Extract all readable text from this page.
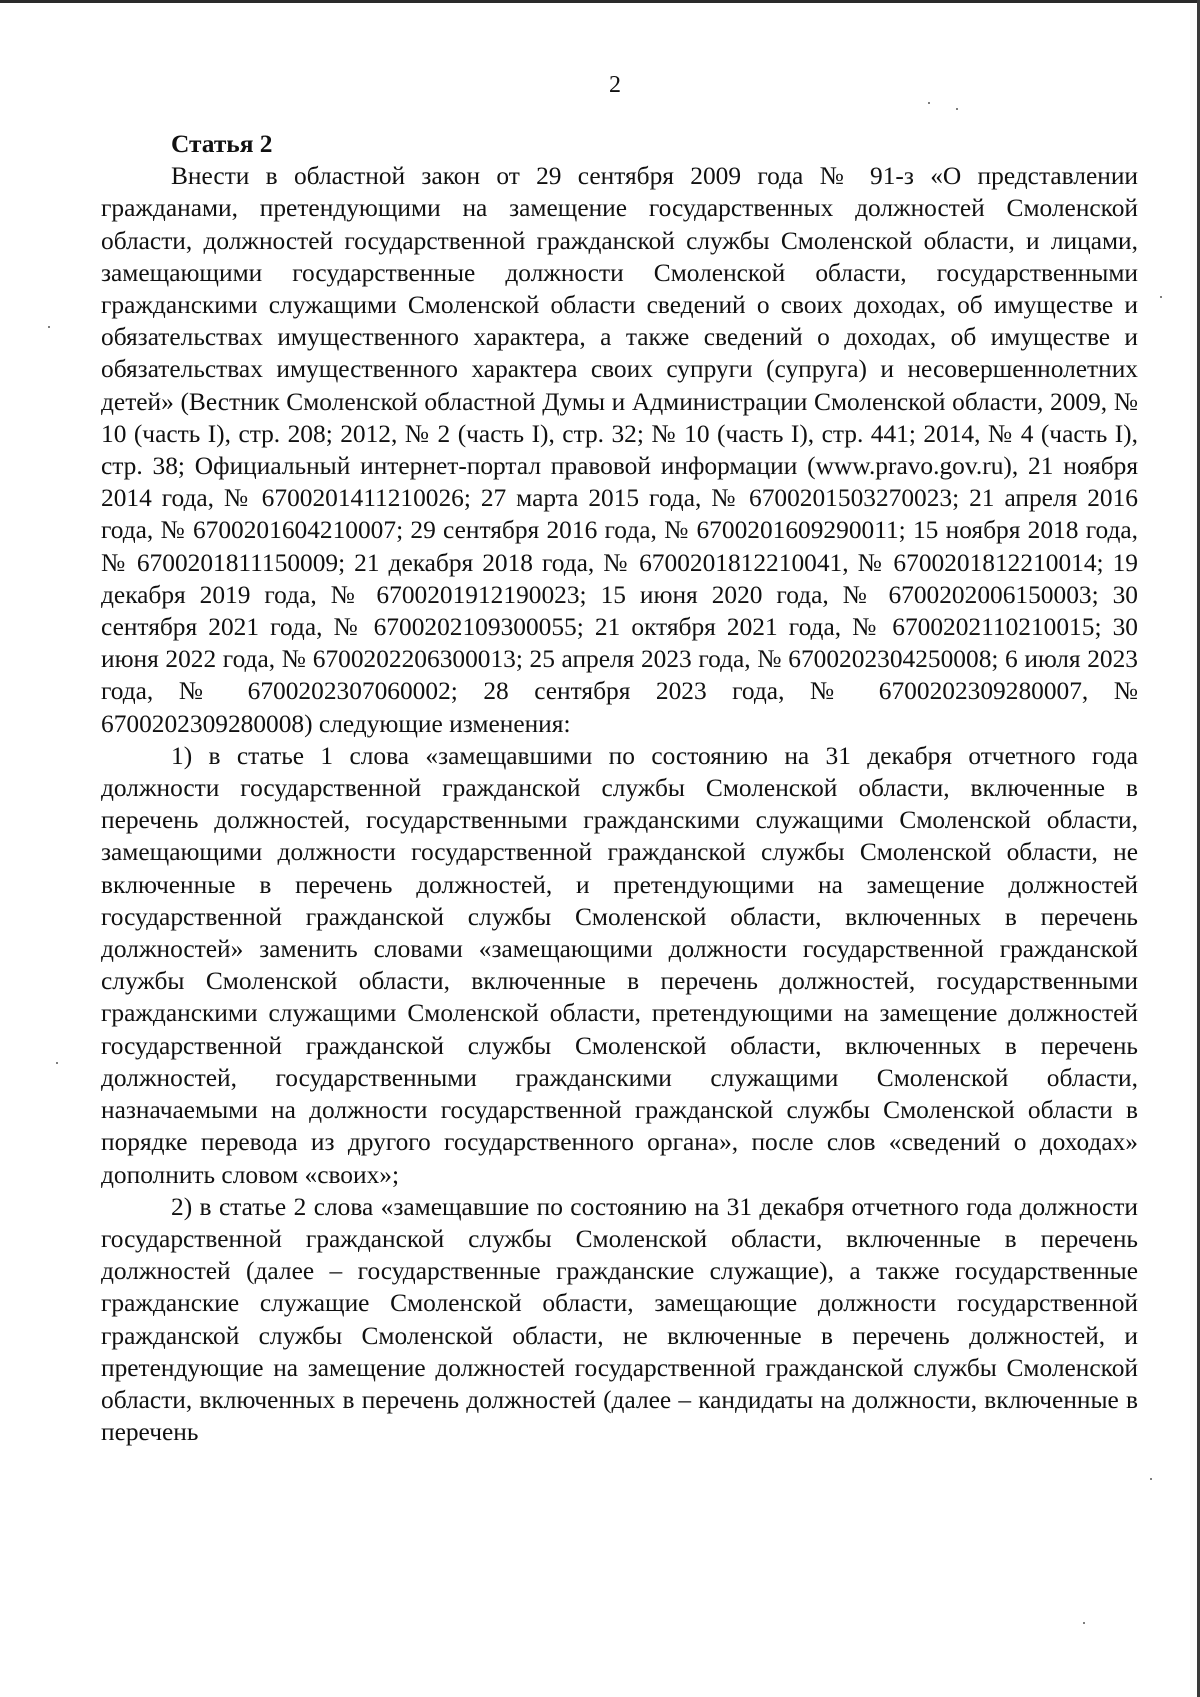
2

Статья 2

Внести в областной закон от 29 сентября 2009 года № 91-з «О представлении гражданами, претендующими на замещение государственных должностей Смоленской области, должностей государственной гражданской службы Смоленской области, и лицами, замещающими государственные должности Смоленской области, государственными гражданскими служащими Смоленской области сведений о своих доходах, об имуществе и обязательствах имущественного характера, а также сведений о доходах, об имуществе и обязательствах имущественного характера своих супруги (супруга) и несовершеннолетних детей» (Вестник Смоленской областной Думы и Администрации Смоленской области, 2009, № 10 (часть I), стр. 208; 2012, № 2 (часть I), стр. 32; № 10 (часть I), стр. 441; 2014, № 4 (часть I), стр. 38; Официальный интернет-портал правовой информации (www.pravo.gov.ru), 21 ноября 2014 года, № 6700201411210026; 27 марта 2015 года, № 6700201503270023; 21 апреля 2016 года, № 6700201604210007; 29 сентября 2016 года, № 6700201609290011; 15 ноября 2018 года, № 6700201811150009; 21 декабря 2018 года, № 6700201812210041, № 6700201812210014; 19 декабря 2019 года, № 6700201912190023; 15 июня 2020 года, № 6700202006150003; 30 сентября 2021 года, № 6700202109300055; 21 октября 2021 года, № 6700202110210015; 30 июня 2022 года, № 6700202206300013; 25 апреля 2023 года, № 6700202304250008; 6 июля 2023 года, № 6700202307060002; 28 сентября 2023 года, № 6700202309280007, № 6700202309280008) следующие изменения:

1) в статье 1 слова «замещавшими по состоянию на 31 декабря отчетного года должности государственной гражданской службы Смоленской области, включенные в перечень должностей, государственными гражданскими служащими Смоленской области, замещающими должности государственной гражданской службы Смоленской области, не включенные в перечень должностей, и претендующими на замещение должностей государственной гражданской службы Смоленской области, включенных в перечень должностей» заменить словами «замещающими должности государственной гражданской службы Смоленской области, включенные в перечень должностей, государственными гражданскими служащими Смоленской области, претендующими на замещение должностей государственной гражданской службы Смоленской области, включенных в перечень должностей, государственными гражданскими служащими Смоленской области, назначаемыми на должности государственной гражданской службы Смоленской области в порядке перевода из другого государственного органа», после слов «сведений о доходах» дополнить словом «своих»;

2) в статье 2 слова «замещавшие по состоянию на 31 декабря отчетного года должности государственной гражданской службы Смоленской области, включенные в перечень должностей (далее – государственные гражданские служащие), а также государственные гражданские служащие Смоленской области, замещающие должности государственной гражданской службы Смоленской области, не включенные в перечень должностей, и претендующие на замещение должностей государственной гражданской службы Смоленской области, включенных в перечень должностей (далее – кандидаты на должности, включенные в перечень
